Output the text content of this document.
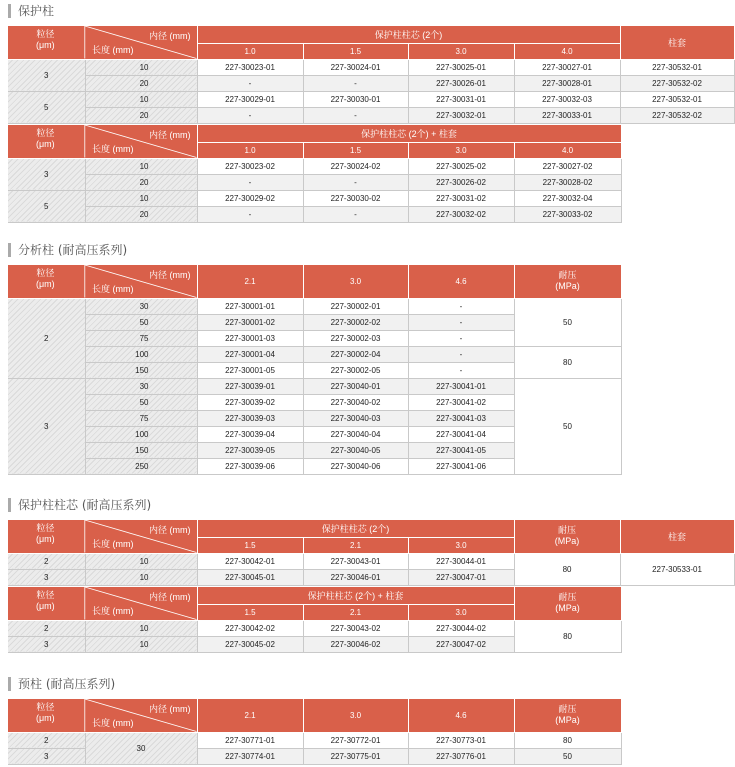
保护柱
粒径
(μm)
内径 (mm)
长度 (mm)		保护柱柱芯 (2个)				柱套
		1.0	1.5	3.0	4.0	
3	10	227-30023-01	227-30024-01	227-30025-01	227-30027-01	227-30532-01
	20	-	-	227-30026-01	227-30028-01	227-30532-02
5	10	227-30029-01	227-30030-01	227-30031-01	227-30032-03	227-30532-01
	20	-	-	227-30032-01	227-30033-01	227-30532-02
粒径
(μm)
内径 (mm)
长度 (mm)		保护柱柱芯 (2个) + 柱套			
		1.0	1.5	3.0	4.0
3	10	227-30023-02	227-30024-02	227-30025-02	227-30027-02
	20	-	-	227-30026-02	227-30028-02
5	10	227-30029-02	227-30030-02	227-30031-02	227-30032-04
	20	-	-	227-30032-02	227-30033-02
分析柱 (耐高压系列)
粒径
(μm)
内径 (mm)
长度 (mm)		2.1	3.0	4.6	耐压
(MPa)
2	30	227-30001-01	227-30002-01	-	50
	50	227-30001-02	227-30002-02	-	
	75	227-30001-03	227-30002-03	-	
	100	227-30001-04	227-30002-04	-	80
	150	227-30001-05	227-30002-05	-	
3	30	227-30039-01	227-30040-01	227-30041-01	50
	50	227-30039-02	227-30040-02	227-30041-02	
	75	227-30039-03	227-30040-03	227-30041-03	
	100	227-30039-04	227-30040-04	227-30041-04	
	150	227-30039-05	227-30040-05	227-30041-05	
	250	227-30039-06	227-30040-06	227-30041-06	
保护柱柱芯 (耐高压系列)
粒径
(μm)
内径 (mm)
长度 (mm)		保护柱柱芯 (2个)			耐压
(MPa)	柱套
		1.5	2.1	3.0		
2	10	227-30042-01	227-30043-01	227-30044-01	80	227-30533-01
3	10	227-30045-01	227-30046-01	227-30047-01		
粒径
(μm)
内径 (mm)
长度 (mm)		保护柱柱芯 (2个) + 柱套			耐压
(MPa)
		1.5	2.1	3.0	
2	10	227-30042-02	227-30043-02	227-30044-02	80
3	10	227-30045-02	227-30046-02	227-30047-02	
预柱 (耐高压系列)
粒径
(μm)
内径 (mm)
长度 (mm)		2.1	3.0	4.6	耐压
(MPa)
2	30	227-30771-01	227-30772-01	227-30773-01	80
3		227-30774-01	227-30775-01	227-30776-01	50
